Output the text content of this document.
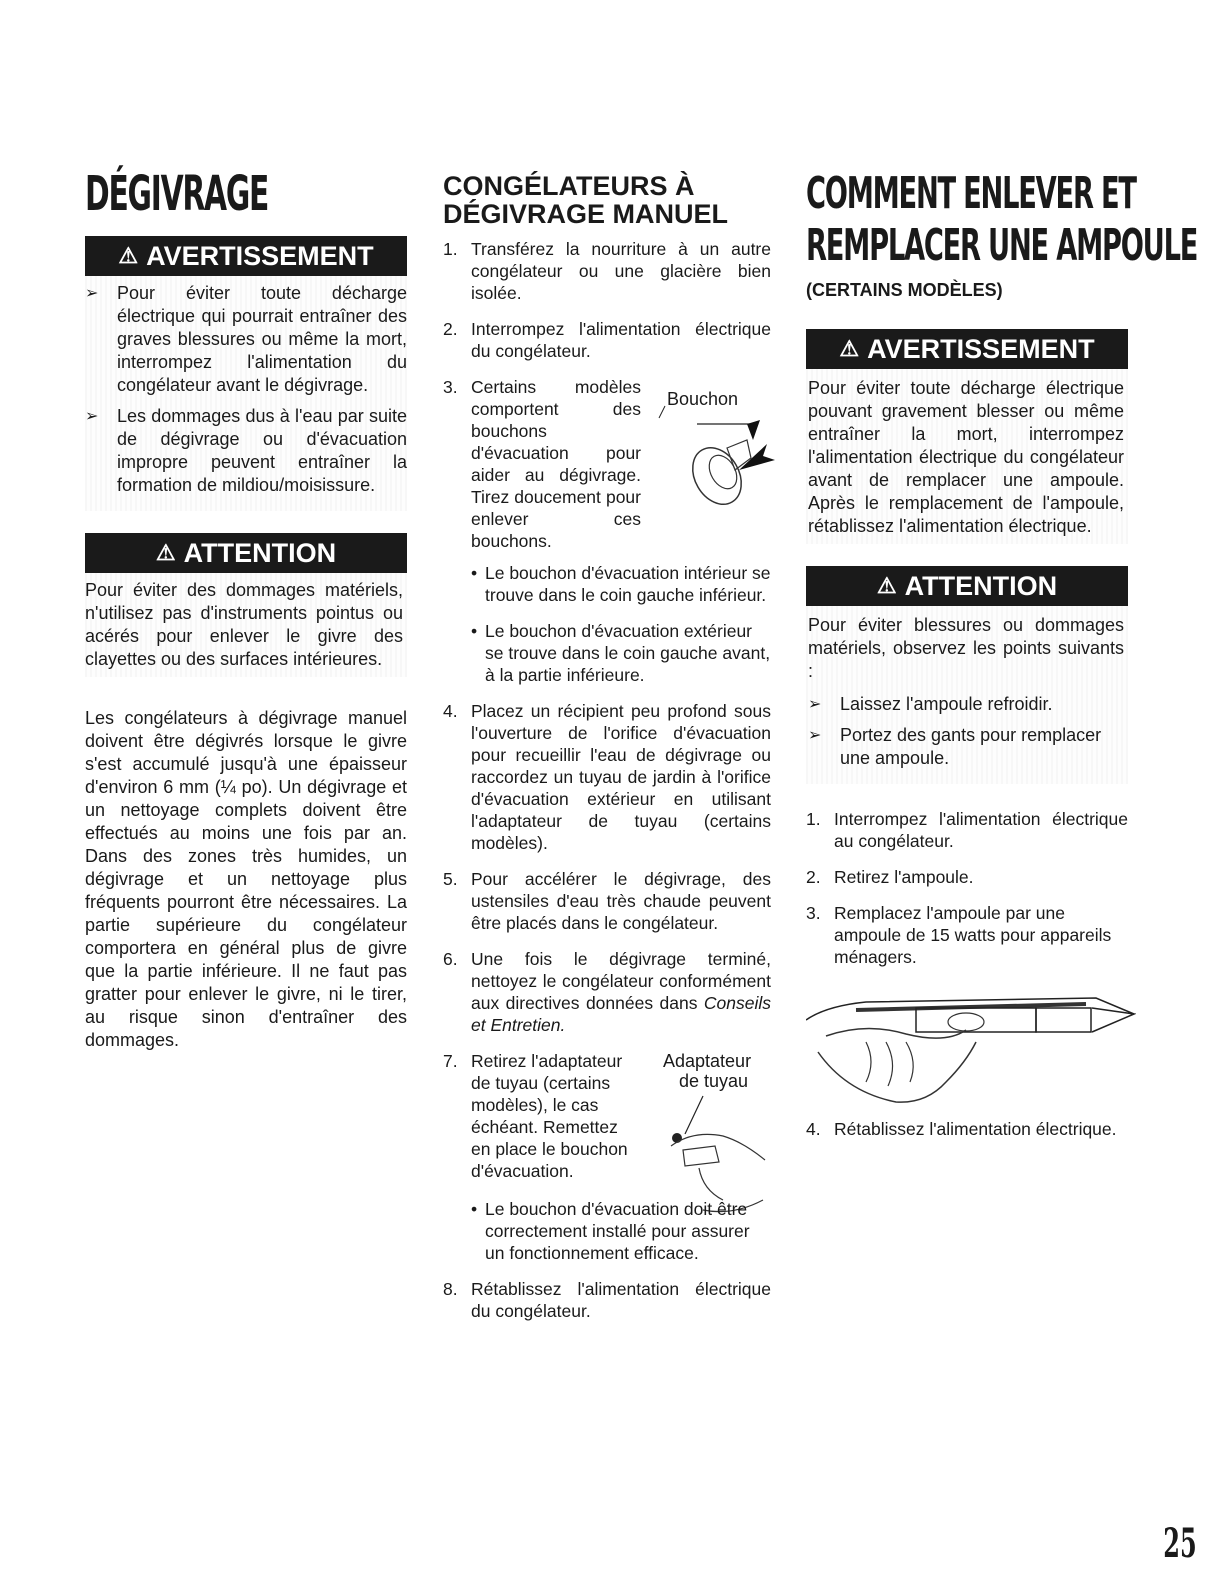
DÉGIVRAGE
⚠ AVERTISSEMENT
➢ Pour éviter toute décharge électrique qui pourrait entraîner des graves blessures ou même la mort, interrompez l'alimentation du congélateur avant le dégivrage.
➢ Les dommages dus à l'eau par suite de dégivrage ou d'évacuation impropre peuvent entraîner la formation de mildiou/moisissure.
⚠ ATTENTION
Pour éviter des dommages matériels, n'utilisez pas d'instruments pointus ou acérés pour enlever le givre des clayettes ou des surfaces intérieures.

Les congélateurs à dégivrage manuel doivent être dégivrés lorsque le givre s'est accumulé jusqu'à une épaisseur d'environ 6 mm (¼ po). Un dégivrage et un nettoyage complets doivent être effectués au moins une fois par an. Dans des zones très humides, un dégivrage et un nettoyage plus fréquents pourront être nécessaires. La partie supérieure du congélateur comportera en général plus de givre que la partie inférieure. Il ne faut pas gratter pour enlever le givre, ni le tirer, au risque sinon d'entraîner des dommages.

CONGÉLATEURS À
DÉGIVRAGE MANUEL
1. Transférez la nourriture à un autre congélateur ou une glacière bien isolée.
2. Interrompez l'alimentation électrique du congélateur.
3. Certains modèles comportent des bouchons d'évacuation pour aider au dégivrage. Tirez doucement pour enlever ces bouchons.
Bouchon
• Le bouchon d'évacuation intérieur se trouve dans le coin gauche inférieur.
• Le bouchon d'évacuation extérieur se trouve dans le coin gauche avant, à la partie inférieure.
4. Placez un récipient peu profond sous l'ouverture de l'orifice d'évacuation pour recueillir l'eau de dégivrage ou raccordez un tuyau de jardin à l'orifice d'évacuation extérieur en utilisant l'adaptateur de tuyau (certains modèles).
5. Pour accélérer le dégivrage, des ustensiles d'eau très chaude peuvent être placés dans le congélateur.
6. Une fois le dégivrage terminé, nettoyez le congélateur conformément aux directives données dans Conseils et Entretien.
7. Retirez l'adaptateur de tuyau (certains modèles), le cas échéant. Remettez en place le bouchon d'évacuation.
Adaptateur
de tuyau
• Le bouchon d'évacuation doit être correctement installé pour assurer un fonctionnement efficace.
8. Rétablissez l'alimentation électrique du congélateur.
COMMENT ENLEVER ET
REMPLACER UNE AMPOULE
(CERTAINS MODÈLES)
⚠ AVERTISSEMENT
Pour éviter toute décharge électrique pouvant gravement blesser ou même entraîner la mort, interrompez l'alimentation électrique du congélateur avant de remplacer une ampoule. Après le remplacement de l'ampoule, rétablissez l'alimentation électrique.
⚠ ATTENTION
Pour éviter blessures ou dommages matériels, observez les points suivants :
➢ Laissez l'ampoule refroidir.
➢ Portez des gants pour remplacer une ampoule.
1. Interrompez l'alimentation électrique au congélateur.
2. Retirez l'ampoule.
3. Remplacez l'ampoule par une ampoule de 15 watts pour appareils ménagers.
4. Rétablissez l'alimentation électrique.
25
